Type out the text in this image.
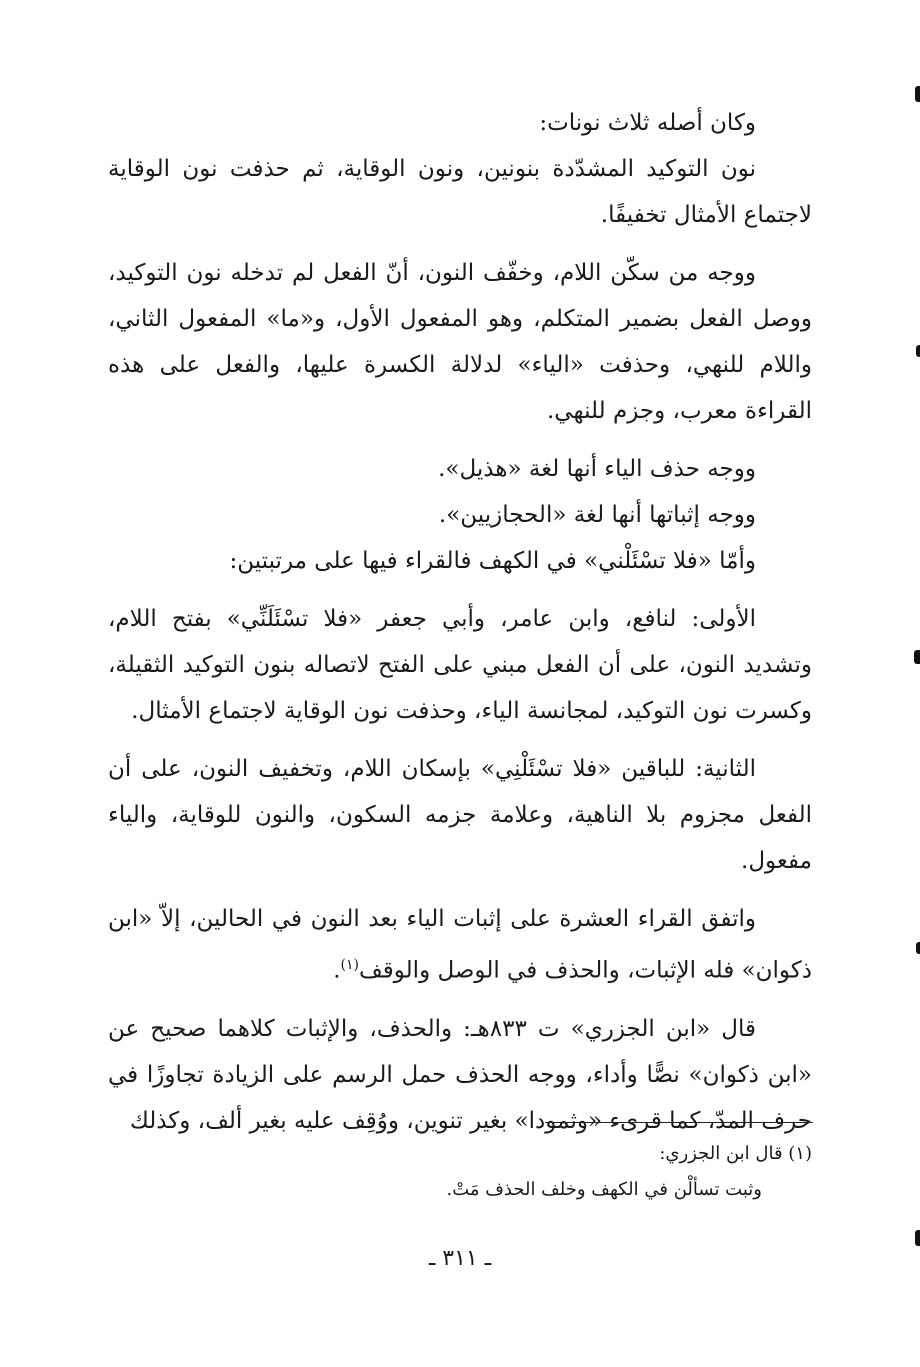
وكان أصله ثلاث نونات:

نون التوكيد المشدّدة بنونين، ونون الوقاية، ثم حذفت نون الوقاية لاجتماع الأمثال تخفيفًا.

ووجه من سكّن اللام، وخفّف النون، أنّ الفعل لم تدخله نون التوكيد، ووصل الفعل بضمير المتكلم، وهو المفعول الأول، و«ما» المفعول الثاني، واللام للنهي، وحذفت «الياء» لدلالة الكسرة عليها، والفعل على هذه القراءة معرب، وجزم للنهي.

ووجه حذف الياء أنها لغة «هذيل».

ووجه إثباتها أنها لغة «الحجازيين».

وأمّا «فلا تسْئَلْني» في الكهف فالقراء فيها على مرتبتين:

الأولى: لنافع، وابن عامر، وأبي جعفر «فلا تسْئَلَنِّي» بفتح اللام، وتشديد النون، على أن الفعل مبني على الفتح لاتصاله بنون التوكيد الثقيلة، وكسرت نون التوكيد، لمجانسة الياء، وحذفت نون الوقاية لاجتماع الأمثال.

الثانية: للباقين «فلا تسْئَلْنِي» بإسكان اللام، وتخفيف النون، على أن الفعل مجزوم بلا الناهية، وعلامة جزمه السكون، والنون للوقاية، والياء مفعول.

واتفق القراء العشرة على إثبات الياء بعد النون في الحالين، إلاّ «ابن ذكوان» فله الإثبات، والحذف في الوصل والوقف$^{(١)}$.

قال «ابن الجزري» ت ٨٣٣هـ: والحذف، والإثبات كلاهما صحيح عن «ابن ذكوان» نصًّا وأداء، ووجه الحذف حمل الرسم على الزيادة تجاوزًا في حرف المدّ، كما قرىء «وثمودا» بغير تنوين، ووُقِف عليه بغير ألف، وكذلك

(١) قال ابن الجزري:

وثبت تسألْن في الكهف وخلف الحذف مَتْ.

ـ ٣١١ ـ
